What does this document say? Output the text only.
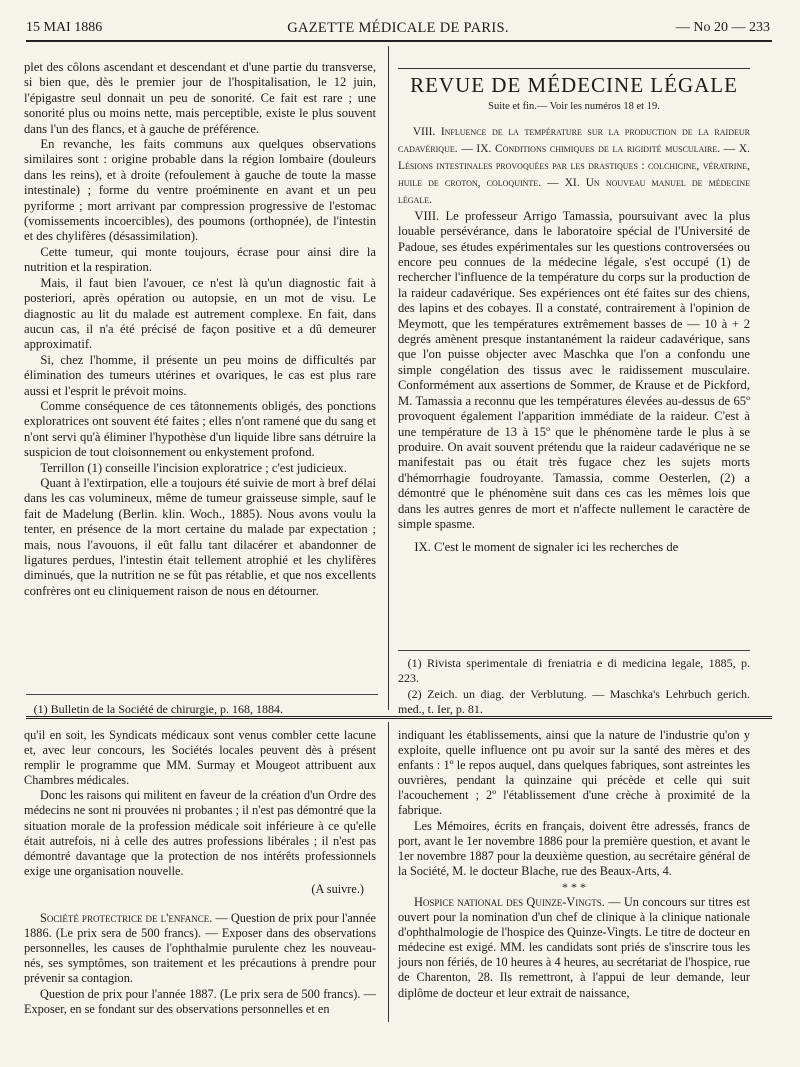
15 MAI 1886	GAZETTE MÉDICALE DE PARIS.	— No 20 — 233

plet des côlons ascendant et descendant et d'une partie du transverse, si bien que, dès le premier jour de l'hospitalisation, le 12 juin, l'épigastre seul donnait un peu de sonorité. Ce fait est rare ; une sonorité plus ou moins nette, mais perceptible, existe le plus souvent dans l'un des flancs, et à gauche de préférence.

En revanche, les faits communs aux quelques observations similaires sont : origine probable dans la région lombaire (douleurs dans les reins), et à droite (refoulement à gauche de toute la masse intestinale) ; forme du ventre proéminente en avant et un peu pyriforme ; mort arrivant par compression progressive de l'estomac (vomissements incoercibles), des poumons (orthopnée), de l'intestin et des chylifères (désassimilation).

Cette tumeur, qui monte toujours, écrase pour ainsi dire la nutrition et la respiration.

Mais, il faut bien l'avouer, ce n'est là qu'un diagnostic fait à posteriori, après opération ou autopsie, en un mot de visu. Le diagnostic au lit du malade est autrement complexe. En fait, dans aucun cas, il n'a été précisé de façon positive et a dû demeurer approximatif.

Si, chez l'homme, il présente un peu moins de difficultés par élimination des tumeurs utérines et ovariques, le cas est plus rare aussi et l'esprit le prévoit moins.

Comme conséquence de ces tâtonnements obligés, des ponctions exploratrices ont souvent été faites ; elles n'ont ramené que du sang et n'ont servi qu'à éliminer l'hypothèse d'un liquide libre sans détruire la suspicion de tout cloisonnement ou enkystement profond.

Terrillon (1) conseille l'incision exploratrice ; c'est judicieux.

Quant à l'extirpation, elle a toujours été suivie de mort à bref délai dans les cas volumineux, même de tumeur graisseuse simple, sauf le fait de Madelung (Berlin. klin. Woch., 1885). Nous avons voulu la tenter, en présence de la mort certaine du malade par expectation ; mais, nous l'avouons, il eût fallu tant dilacérer et abandonner de ligatures perdues, l'intestin était tellement atrophié et les chylifères diminués, que la nutrition ne se fût pas rétablie, et que nos excellents confrères ont eu cliniquement raison de nous en détourner.

(1) Bulletin de la Société de chirurgie, p. 168, 1884.

REVUE DE MÉDECINE LÉGALE
Suite et fin.— Voir les numéros 18 et 19.

VIII. Influence de la température sur la production de la raideur cadavérique. — IX. Conditions chimiques de la rigidité musculaire. — X. Lésions intestinales provoquées par les drastiques : colchicine, vératrine, huile de croton, coloquinte. — XI. Un nouveau manuel de médecine légale.

VIII. Le professeur Arrigo Tamassia, poursuivant avec la plus louable persévérance, dans le laboratoire spécial de l'Université de Padoue, ses études expérimentales sur les questions controversées ou encore peu connues de la médecine légale, s'est occupé (1) de rechercher l'influence de la température du corps sur la production de la raideur cadavérique. Ses expériences ont été faites sur des chiens, des lapins et des cobayes. Il a constaté, contrairement à l'opinion de Meymott, que les températures extrêmement basses de — 10 à + 2 degrés amènent presque instantanément la raideur cadavérique, sans que l'on puisse objecter avec Maschka que l'on a confondu une simple congélation des tissus avec le raidissement musculaire. Conformément aux assertions de Sommer, de Krause et de Pickford, M. Tamassia a reconnu que les températures élevées au-dessus de 65º provoquent également l'apparition immédiate de la raideur. C'est à une température de 13 à 15º que le phénomène tarde le plus à se produire. On avait souvent prétendu que la raideur cadavérique ne se manifestait pas ou était très fugace chez les sujets morts d'hémorrhagie foudroyante. Tamassia, comme Oesterlen, (2) a démontré que le phénomène suit dans ces cas les mêmes lois que dans les autres genres de mort et n'affecte nullement le caractère de simple spasme.

IX. C'est le moment de signaler ici les recherches de

(1) Rivista sperimentale di freniatria e di medicina legale, 1885, p. 223.

(2) Zeich. un diag. der Verblutung. — Maschka's Lehrbuch gerich. med., t. Ier, p. 81.

qu'il en soit, les Syndicats médicaux sont venus combler cette lacune et, avec leur concours, les Sociétés locales peuvent dès à présent remplir le programme que MM. Surmay et Mougeot attribuent aux Chambres médicales.

Donc les raisons qui militent en faveur de la création d'un Ordre des médecins ne sont ni prouvées ni probantes ; il n'est pas démontré que la situation morale de la profession médicale soit inférieure à ce qu'elle était autrefois, ni à celle des autres professions libérales ; il n'est pas démontré davantage que la protection de nos intérêts professionnels exige une organisation nouvelle.

(A suivre.)

Société protectrice de l'enfance. — Question de prix pour l'année 1886. (Le prix sera de 500 francs). — Exposer dans des observations personnelles, les causes de l'ophthalmie purulente chez les nouveau-nés, ses symptômes, son traitement et les précautions à prendre pour prévenir sa contagion.

Question de prix pour l'année 1887. (Le prix sera de 500 francs). — Exposer, en se fondant sur des observations personnelles et en

indiquant les établissements, ainsi que la nature de l'industrie qu'on y exploite, quelle influence ont pu avoir sur la santé des mères et des enfants : 1º le repos auquel, dans quelques fabriques, sont astreintes les ouvrières, pendant la quinzaine qui précède et celle qui suit l'acouchement ; 2º l'établissement d'une crèche à proximité de la fabrique.

Les Mémoires, écrits en français, doivent être adressés, francs de port, avant le 1er novembre 1886 pour la première question, et avant le 1er novembre 1887 pour la deuxième question, au secrétaire général de la Société, M. le docteur Blache, rue des Beaux-Arts, 4.

* * *

Hospice national des Quinze-Vingts. — Un concours sur titres est ouvert pour la nomination d'un chef de clinique à la clinique nationale d'ophthalmologie de l'hospice des Quinze-Vingts. Le titre de docteur en médecine est exigé. MM. les candidats sont priés de s'inscrire tous les jours non fériés, de 10 heures à 4 heures, au secrétariat de l'hospice, rue de Charenton, 28. Ils remettront, à l'appui de leur demande, leur diplôme de docteur et leur extrait de naissance,
